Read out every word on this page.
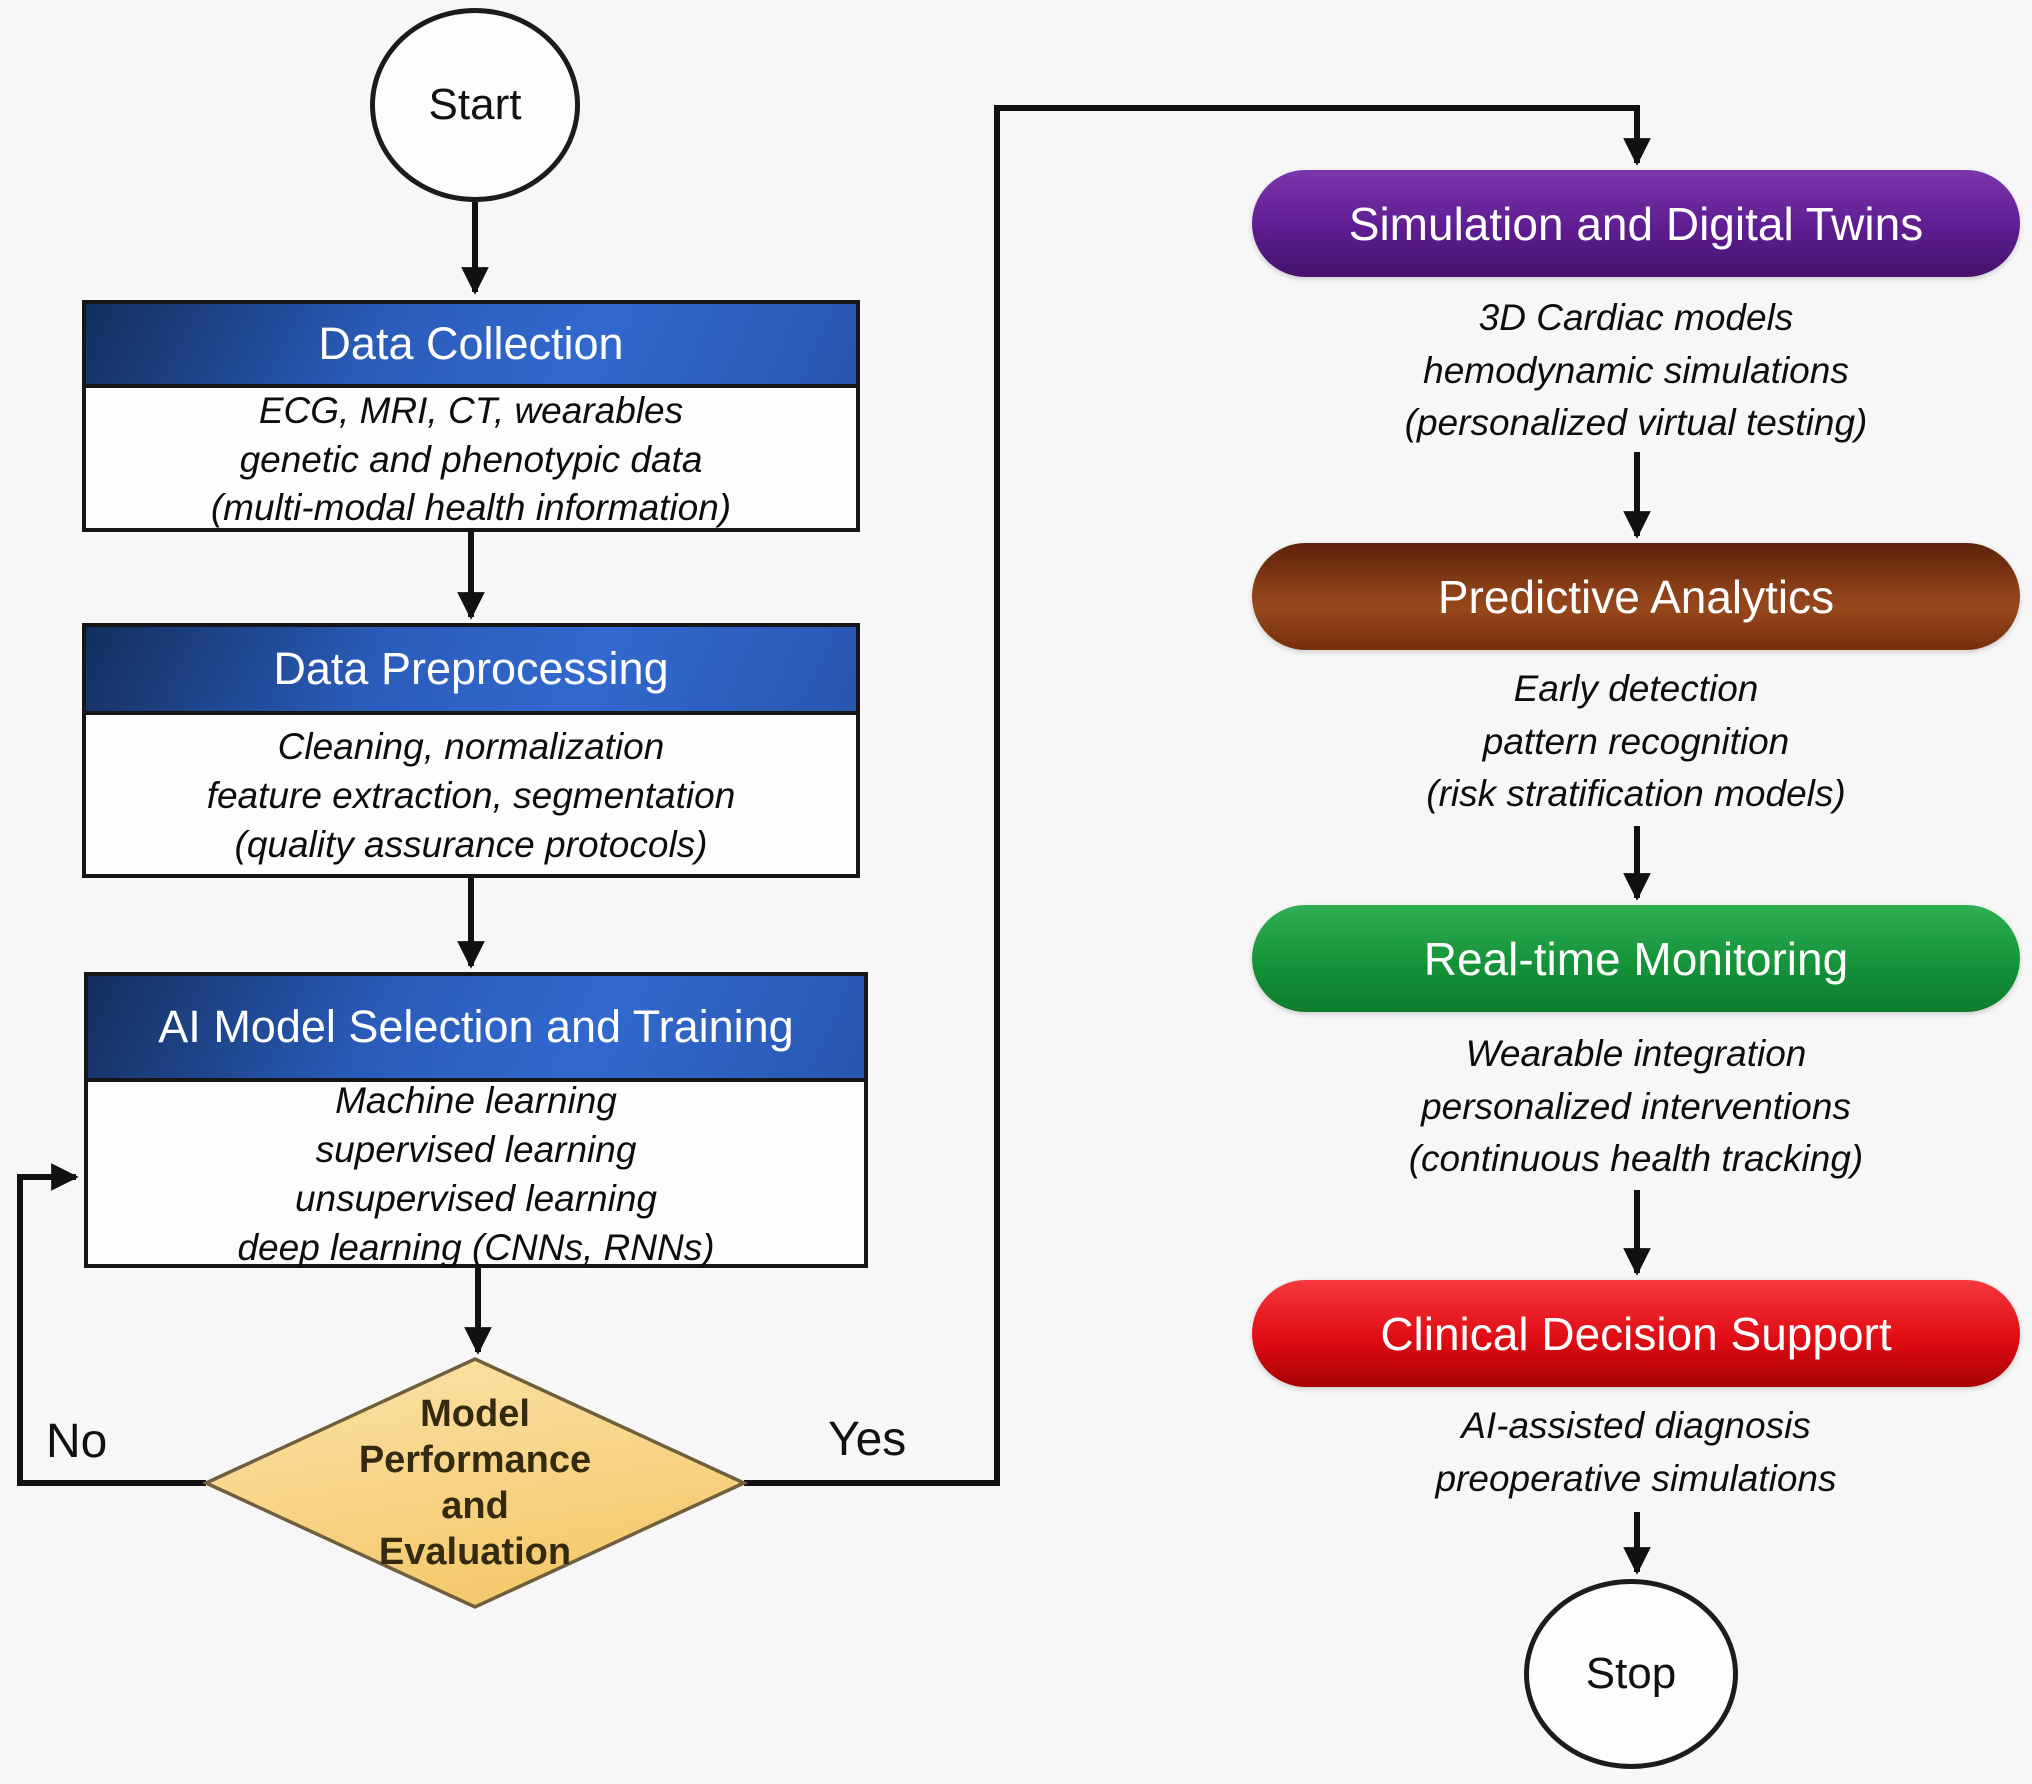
Start
Stop
Data Collection
ECG, MRI, CT, wearables
genetic and phenotypic data
(multi-modal health information)
Data Preprocessing
Cleaning, normalization
feature extraction, segmentation
(quality assurance protocols)
AI Model Selection and Training
Machine learning
supervised learning
unsupervised learning
deep learning (CNNs, RNNs)
Model
Performance
and
Evaluation
No	Yes
Simulation and Digital Twins
3D Cardiac models
hemodynamic simulations
(personalized virtual testing)
Predictive Analytics
Early detection
pattern recognition
(risk stratification models)
Real-time Monitoring
Wearable integration
personalized interventions
(continuous health tracking)
Clinical Decision Support
AI-assisted diagnosis
preoperative simulations
